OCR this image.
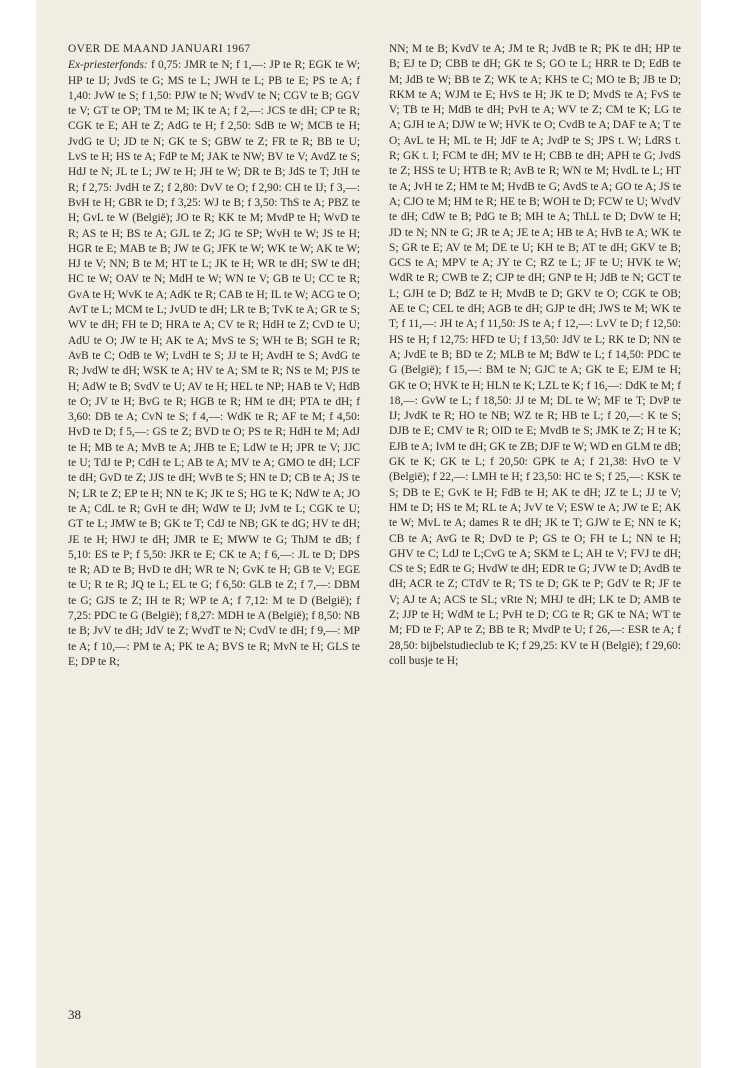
OVER DE MAAND JANUARI 1967

Ex-priesterfonds: f 0,75: JMR te N; f 1,—: JP te R; EGK te W; HP te IJ; JvdS te G; MS te L; JWH te L; PB te E; PS te A; f 1,40: JvW te S; f 1,50: PJW te N; WvdV te N; CGV te B; GGV te V; GT te OP; TM te M; IK te A; f 2,—: JCS te dH; CP te R; CGK te E; AH te Z; AdG te H; f 2,50: SdB te W; MCB te H; JvdG te U; JD te N; GK te S; GBW te Z; FR te R; BB te U; LvS te H; HS te A; FdP te M; JAK te NW; BV te V; AvdZ te S; HdJ te N; JL te L; JW te H; JH te W; DR te B; JdS te T; JtH te R; f 2,75: JvdH te Z; f 2,80: DvV te O; f 2,90: CH te IJ; f 3,—: BvH te H; GBR te D; f 3,25: WJ te B; f 3,50: ThS te A; PBZ te H; GvL te W (België); JO te R; KK te M; MvdP te H; WvD te R; AS te H; BS te A; GJL te Z; JG te SP; WvH te W; JS te H; HGR te E; MAB te B; JW te G; JFK te W; WK te W; AK te W; HJ te V; NN; B te M; HT te L; JK te H; WR te dH; SW te dH; HC te W; OAV te N; MdH te W; WN te V; GB te U; CC te R; GvA te H; WvK te A; AdK te R; CAB te H; IL te W; ACG te O; AvT te L; MCM te L; JvUD te dH; LR te B; TvK te A; GR te S; WV te dH; FH te D; HRA te A; CV te R; HdH te Z; CvD te U; AdU te O; JW te H; AK te A; MvS te S; WH te B; SGH te R; AvB te C; OdB te W; LvdH te S; JJ te H; AvdH te S; AvdG te R; JvdW te dH; WSK te A; HV te A; SM te R; NS te M; PJS te H; AdW te B; SvdV te U; AV te H; HEL te NP; HAB te V; HdB te O; JV te H; BvG te R; HGB te R; HM te dH; PTA te dH; f 3,60: DB te A; CvN te S; f 4,—: WdK te R; AF te M; f 4,50: HvD te D; f 5,—: GS te Z; BVD te O; PS te R; HdH te M; AdJ te H; MB te A; MvB te A; JHB te E; LdW te H; JPR te V; JJC te U; TdJ te P; CdH te L; AB te A; MV te A; GMO te dH; LCF te dH; GvD te Z; JJS te dH; WvB te S; HN te D; CB te A; JS te N; LR te Z; EP te H; NN te K; JK te S; HG te K; NdW te A; JO te A; CdL te R; GvH te dH; WdW te IJ; JvM te L; CGK te U; GT te L; JMW te B; GK te T; CdJ te NB; GK te dG; HV te dH; JE te H; HWJ te dH; JMR te E; MWW te G; ThJM te dB; f 5,10: ES te P; f 5,50: JKR te E; CK te A; f 6,—: JL te D; DPS te R; AD te B; HvD te dH; WR te N; GvK te H; GB te V; EGE te U; R te R; JQ te L; EL te G; f 6,50: GLB te Z; f 7,—: DBM te G; GJS te Z; IH te R; WP te A; f 7,12: M te D (België); f 7,25: PDC te G (België); f 8,27: MDH te A (België); f 8,50: NB te B; JvV te dH; JdV te Z; WvdT te N; CvdV te dH; f 9,—: MP te A; f 10,—: PM te A; PK te A; BVS te R; MvN te H; GLS te E; DP te R;

NN; M te B; KvdV te A; JM te R; JvdB te R; PK te dH; HP te B; EJ te D; CBB te dH; GK te S; GO te L; HRR te D; EdB te M; JdB te W; BB te Z; WK te A; KHS te C; MO te B; JB te D; RKM te A; WJM te E; HvS te H; JK te D; MvdS te A; FvS te V; TB te H; MdB te dH; PvH te A; WV te Z; CM te K; LG te A; GJH te A; DJW te W; HVK te O; CvdB te A; DAF te A; T te O; AvL te H; ML te H; JdF te A; JvdP te S; JPS t. W; LdRS t. R; GK t. I; FCM te dH; MV te H; CBB te dH; APH te G; JvdS te Z; HSS te U; HTB te R; AvB te R; WN te M; HvdL te L; HT te A; JvH te Z; HM te M; HvdB te G; AvdS te A; GO te A; JS te A; CJO te M; HM te R; HE te B; WOH te D; FCW te U; WvdV te dH; CdW te B; PdG te B; MH te A; ThLL te D; DvW te H; JD te N; NN te G; JR te A; JE te A; HB te A; HvB te A; WK te S; GR te E; AV te M; DE te U; KH te B; AT te dH; GKV te B; GCS te A; MPV te A; JY te C; RZ te L; JF te U; HVK te W; WdR te R; CWB te Z; CJP te dH; GNP te H; JdB te N; GCT te L; GJH te D; BdZ te H; MvdB te D; GKV te O; CGK te OB; AE te C; CEL te dH; AGB te dH; GJP te dH; JWS te M; WK te T; f 11,—: JH te A; f 11,50: JS te A; f 12,—: LvV te D; f 12,50: HS te H; f 12,75: HFD te U; f 13,50: JdV te L; RK te D; NN te A; JvdE te B; BD te Z; MLB te M; BdW te L; f 14,50: PDC te G (België); f 15,—: BM te N; GJC te A; GK te E; EJM te H; GK te O; HVK te H; HLN te K; LZL te K; f 16,—: DdK te M; f 18,—: GvW te L; f 18,50: JJ te M; DL te W; MF te T; DvP te IJ; JvdK te R; HO te NB; WZ te R; HB te L; f 20,—: K te S; DJB te E; CMV te R; OID te E; MvdB te S; JMK te Z; H te K; EJB te A; IvM te dH; GK te ZB; DJF te W; WD en GLM te dB; GK te K; GK te L; f 20,50: GPK te A; f 21,38: HvO te V (België); f 22,—: LMH te H; f 23,50: HC te S; f 25,—: KSK te S; DB te E; GvK te H; FdB te H; AK te dH; JZ te L; JJ te V; HM te D; HS te M; RL te A; JvV te V; ESW te A; JW te E; AK te W; MvL te A; dames R te dH; JK te T; GJW te E; NN te K; CB te A; AvG te R; DvD te P; GS te O; FH te L; NN te H; GHV te C; LdJ te L;CvG te A; SKM te L; AH te V; FVJ te dH; CS te S; EdR te G; HvdW te dH; EDR te G; JVW te D; AvdB te dH; ACR te Z; CTdV te R; TS te D; GK te P; GdV te R; JF te V; AJ te A; ACS te SL; vRte N; MHJ te dH; LK te D; AMB te Z; JJP te H; WdM te L; PvH te D; CG te R; GK te NA; WT te M; FD te F; AP te Z; BB te R; MvdP te U; f 26,—: ESR te A; f 28,50: bijbelstudieclub te K; f 29,25: KV te H (België); f 29,60: coll busje te H;

38
